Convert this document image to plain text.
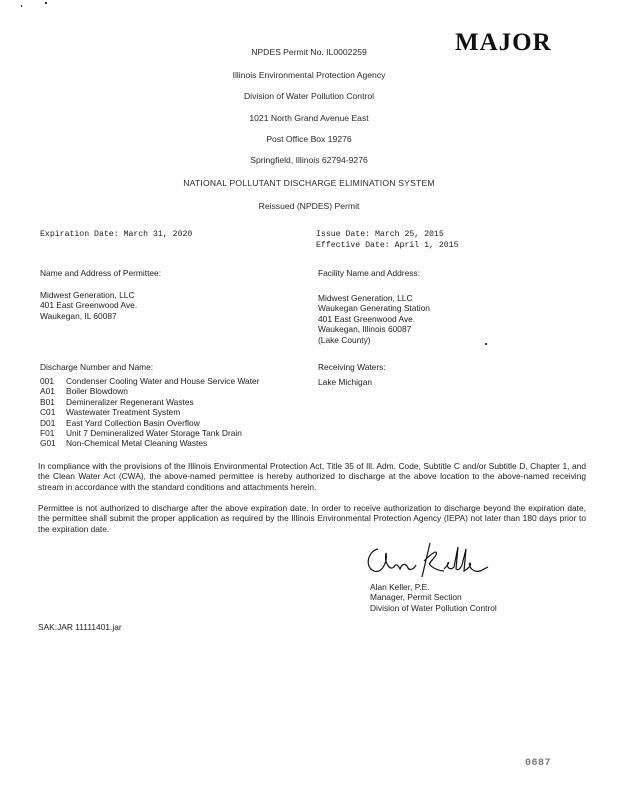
MAJOR
NPDES Permit No. IL0002259
Illinois Environmental Protection Agency
Division of Water Pollution Control
1021 North Grand Avenue East
Post Office Box 19276
Springfield, Illinois 62794-9276
NATIONAL POLLUTANT DISCHARGE ELIMINATION SYSTEM
Reissued (NPDES) Permit
Expiration Date: March 31, 2020	Issue Date: March 25, 2015
Effective Date: April 1, 2015
Name and Address of Permittee:
Midwest Generation, LLC
401 East Greenwood Ave.
Waukegan, IL 60087
Facility Name and Address:
Midwest Generation, LLC
Waukegan Generating Station
401 East Greenwood Ave.
Waukegan, Illinois 60087
(Lake County)
Discharge Number and Name:
001	Condenser Cooling Water and House Service Water
A01	Boiler Blowdown
B01	Demineralizer Regenerant Wastes
C01	Wastewater Treatment System
D01	East Yard Collection Basin Overflow
F01	Unit 7 Demineralized Water Storage Tank Drain
G01	Non-Chemical Metal Cleaning Wastes
Receiving Waters:
Lake Michigan
In compliance with the provisions of the Illinois Environmental Protection Act, Title 35 of Ill. Adm. Code, Subtitle C and/or Subtitle D, Chapter 1, and the Clean Water Act (CWA), the above-named permittee is hereby authorized to discharge at the above location to the above-named receiving stream in accordance with the standard conditions and attachments herein.
Permittee is not authorized to discharge after the above expiration date. In order to receive authorization to discharge beyond the expiration date, the permittee shall submit the proper application as required by the Illinois Environmental Protection Agency (IEPA) not later than 180 days prior to the expiration date.
Alan Keller, P.E.
Manager, Permit Section
Division of Water Pollution Control
SAK:JAR 11111401.jar
0687
